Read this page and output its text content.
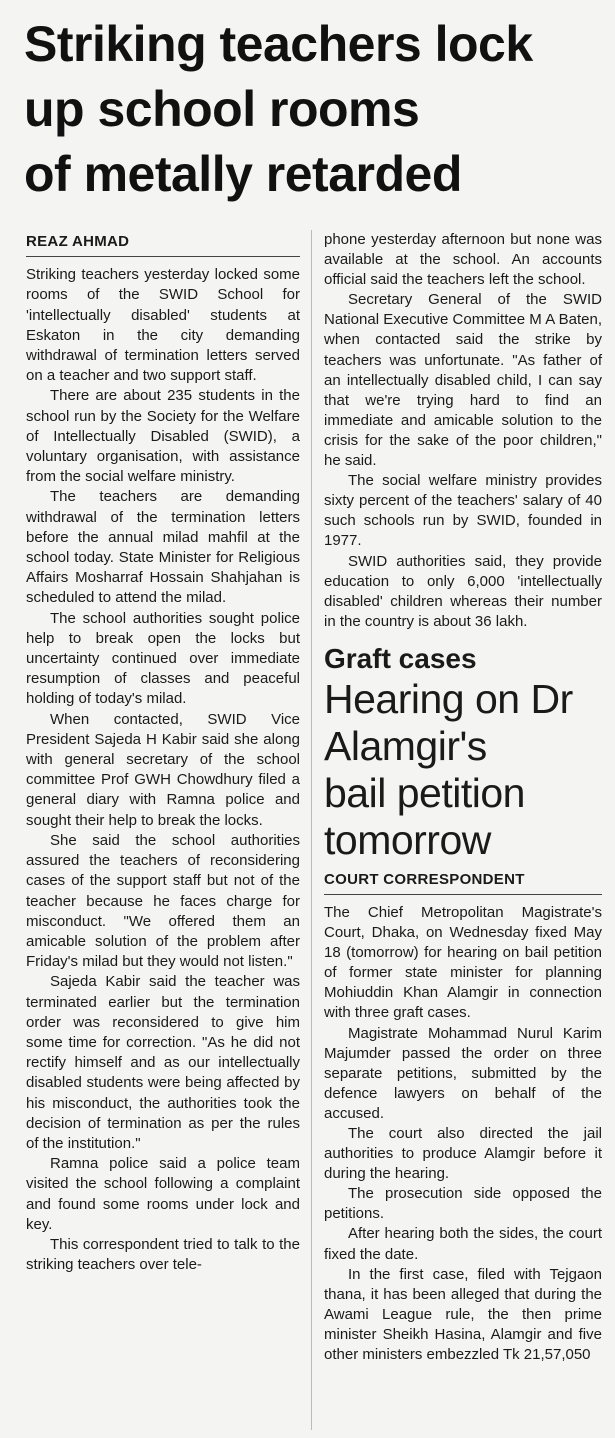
Striking teachers lock
up school rooms
of metally retarded
REAZ AHMAD

Striking teachers yesterday locked some rooms of the SWID School for 'intellectually disabled' students at Eskaton in the city demanding withdrawal of termination letters served on a teacher and two support staff.

There are about 235 students in the school run by the Society for the Welfare of Intellectually Disabled (SWID), a voluntary organisation, with assistance from the social welfare ministry.

The teachers are demanding withdrawal of the termination letters before the annual milad mahfil at the school today. State Minister for Religious Affairs Mosharraf Hossain Shahjahan is scheduled to attend the milad.

The school authorities sought police help to break open the locks but uncertainty continued over immediate resumption of classes and peaceful holding of today's milad.

When contacted, SWID Vice President Sajeda H Kabir said she along with general secretary of the school committee Prof GWH Chowdhury filed a general diary with Ramna police and sought their help to break the locks.

She said the school authorities assured the teachers of reconsidering cases of the support staff but not of the teacher because he faces charge for misconduct. "We offered them an amicable solution of the problem after Friday's milad but they would not listen."

Sajeda Kabir said the teacher was terminated earlier but the termination order was reconsidered to give him some time for correction. "As he did not rectify himself and as our intellectually disabled students were being affected by his misconduct, the authorities took the decision of termination as per the rules of the institution."

Ramna police said a police team visited the school following a complaint and found some rooms under lock and key.

This correspondent tried to talk to the striking teachers over tele-

phone yesterday afternoon but none was available at the school. An accounts official said the teachers left the school.

Secretary General of the SWID National Executive Committee M A Baten, when contacted said the strike by teachers was unfortunate. "As father of an intellectually disabled child, I can say that we're trying hard to find an immediate and amicable solution to the crisis for the sake of the poor children," he said.

The social welfare ministry provides sixty percent of the teachers' salary of 40 such schools run by SWID, founded in 1977.

SWID authorities said, they provide education to only 6,000 'intellectually disabled' children whereas their number in the country is about 36 lakh.

Graft cases
Hearing on Dr
Alamgir's
bail petition
tomorrow
COURT CORRESPONDENT

The Chief Metropolitan Magistrate's Court, Dhaka, on Wednesday fixed May 18 (tomorrow) for hearing on bail petition of former state minister for planning Mohiuddin Khan Alamgir in connection with three graft cases.

Magistrate Mohammad Nurul Karim Majumder passed the order on three separate petitions, submitted by the defence lawyers on behalf of the accused.

The court also directed the jail authorities to produce Alamgir before it during the hearing.

The prosecution side opposed the petitions.

After hearing both the sides, the court fixed the date.

In the first case, filed with Tejgaon thana, it has been alleged that during the Awami League rule, the then prime minister Sheikh Hasina, Alamgir and five other ministers embezzled Tk 21,57,050
